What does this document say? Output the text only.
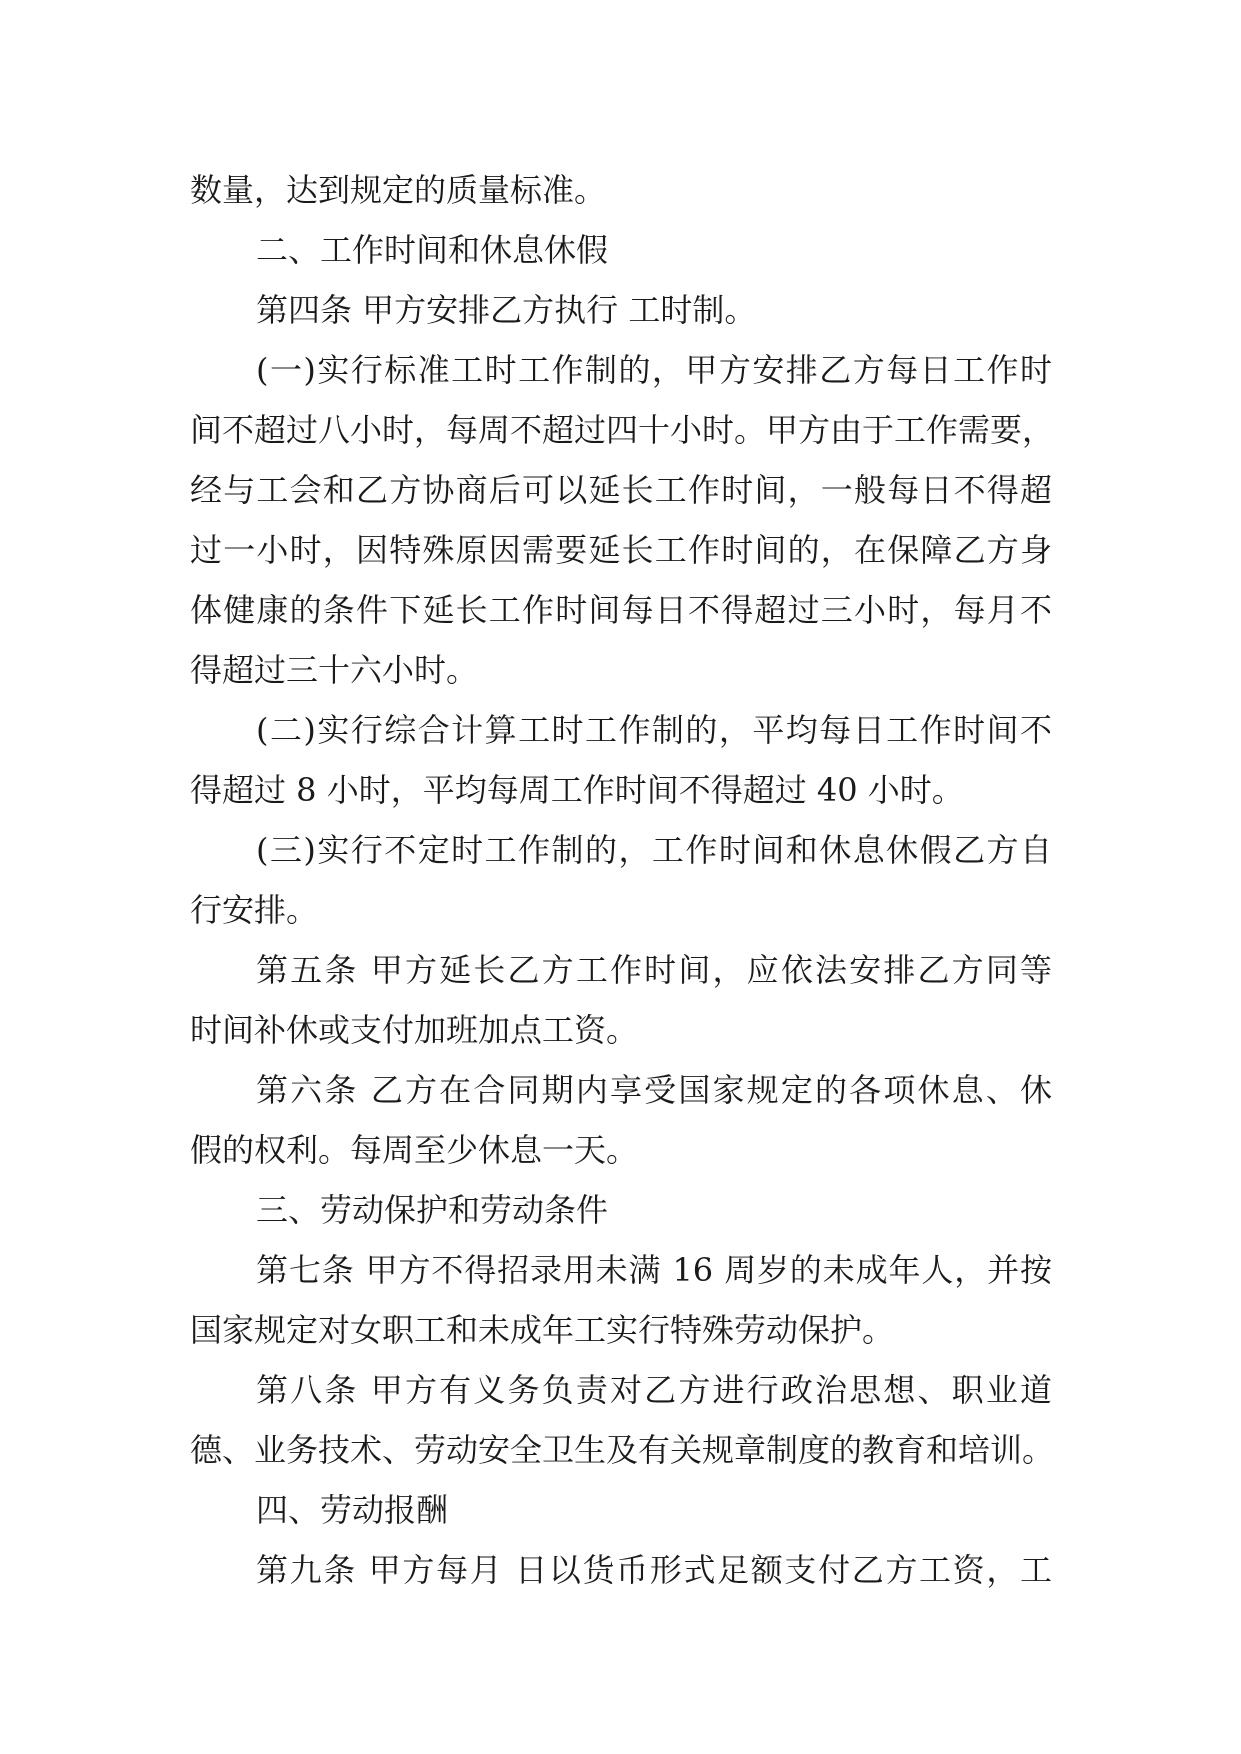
数量，达到规定的质量标准。
二、工作时间和休息休假
第四条 甲方安排乙方执行 工时制。
(一)实行标准工时工作制的，甲方安排乙方每日工作时
间不超过八小时，每周不超过四十小时。甲方由于工作需要，
经与工会和乙方协商后可以延长工作时间，一般每日不得超
过一小时，因特殊原因需要延长工作时间的，在保障乙方身
体健康的条件下延长工作时间每日不得超过三小时，每月不
得超过三十六小时。
(二)实行综合计算工时工作制的，平均每日工作时间不
得超过 8 小时，平均每周工作时间不得超过 40 小时。
(三)实行不定时工作制的，工作时间和休息休假乙方自
行安排。
第五条 甲方延长乙方工作时间，应依法安排乙方同等
时间补休或支付加班加点工资。
第六条 乙方在合同期内享受国家规定的各项休息、休
假的权利。每周至少休息一天。
三、劳动保护和劳动条件
第七条 甲方不得招录用未满 16 周岁的未成年人，并按
国家规定对女职工和未成年工实行特殊劳动保护。
第八条 甲方有义务负责对乙方进行政治思想、职业道
德、业务技术、劳动安全卫生及有关规章制度的教育和培训。
四、劳动报酬
第九条 甲方每月 日以货币形式足额支付乙方工资，工
